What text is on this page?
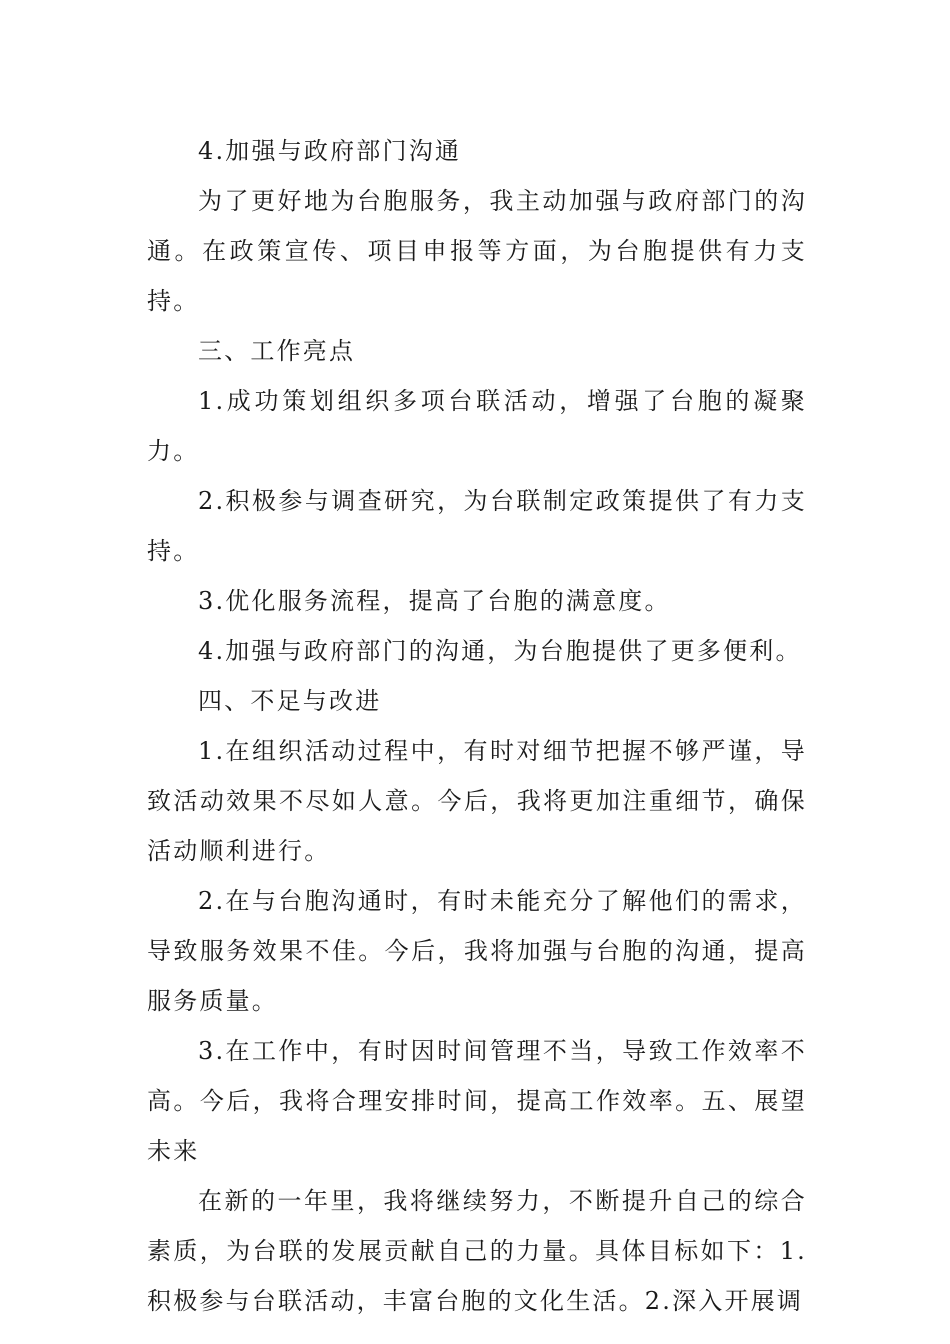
4.加强与政府部门沟通

为了更好地为台胞服务，我主动加强与政府部门的沟通。在政策宣传、项目申报等方面，为台胞提供有力支持。

三、工作亮点

1.成功策划组织多项台联活动，增强了台胞的凝聚力。

2.积极参与调查研究，为台联制定政策提供了有力支持。

3.优化服务流程，提高了台胞的满意度。

4.加强与政府部门的沟通，为台胞提供了更多便利。

四、不足与改进

1.在组织活动过程中，有时对细节把握不够严谨，导致活动效果不尽如人意。今后，我将更加注重细节，确保活动顺利进行。

2.在与台胞沟通时，有时未能充分了解他们的需求，导致服务效果不佳。今后，我将加强与台胞的沟通，提高服务质量。

3.在工作中，有时因时间管理不当，导致工作效率不高。今后，我将合理安排时间，提高工作效率。五、展望未来

在新的一年里，我将继续努力，不断提升自己的综合素质，为台联的发展贡献自己的力量。具体目标如下：1.积极参与台联活动，丰富台胞的文化生活。2.深入开展调
